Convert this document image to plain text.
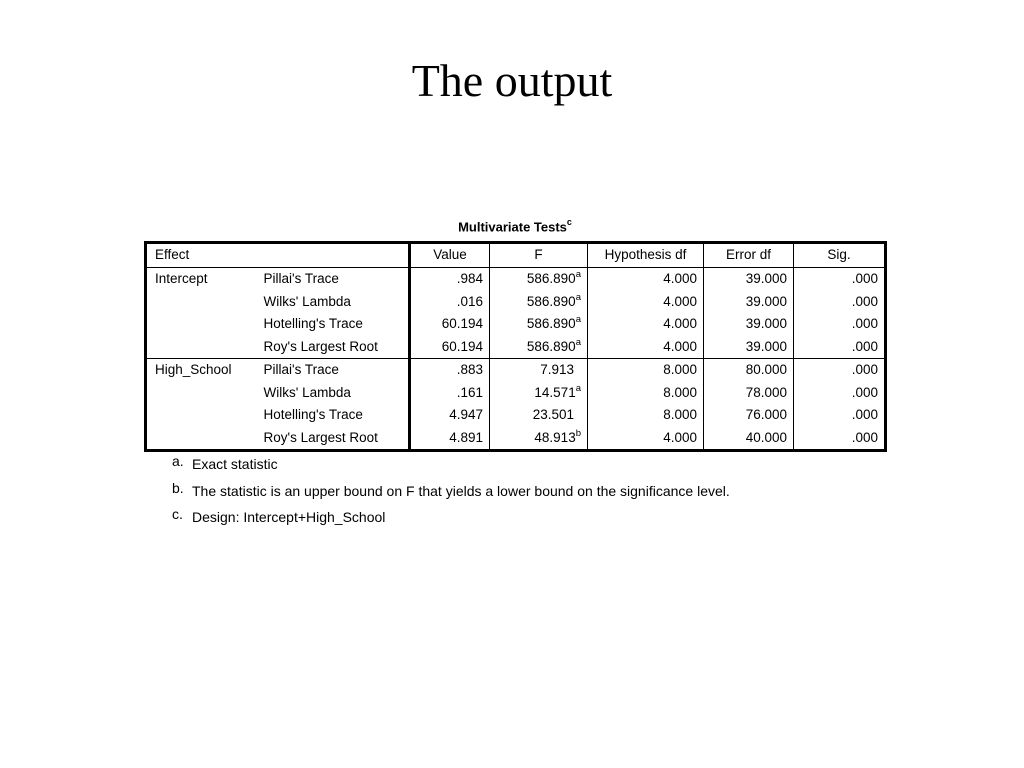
The output
Multivariate Tests$^c$
Effect		Value	F	Hypothesis df	Error df	Sig.
Intercept	Pillai's Trace	.984	586.890$^a$	4.000	39.000	.000
	Wilks' Lambda	.016	586.890$^a$	4.000	39.000	.000
	Hotelling's Trace	60.194	586.890$^a$	4.000	39.000	.000
	Roy's Largest Root	60.194	586.890$^a$	4.000	39.000	.000
High_School	Pillai's Trace	.883	7.913	8.000	80.000	.000
	Wilks' Lambda	.161	14.571$^a$	8.000	78.000	.000
	Hotelling's Trace	4.947	23.501	8.000	76.000	.000
	Roy's Largest Root	4.891	48.913$^b$	4.000	40.000	.000
a. Exact statistic
b. The statistic is an upper bound on F that yields a lower bound on the significance level.
c. Design: Intercept+High_School
